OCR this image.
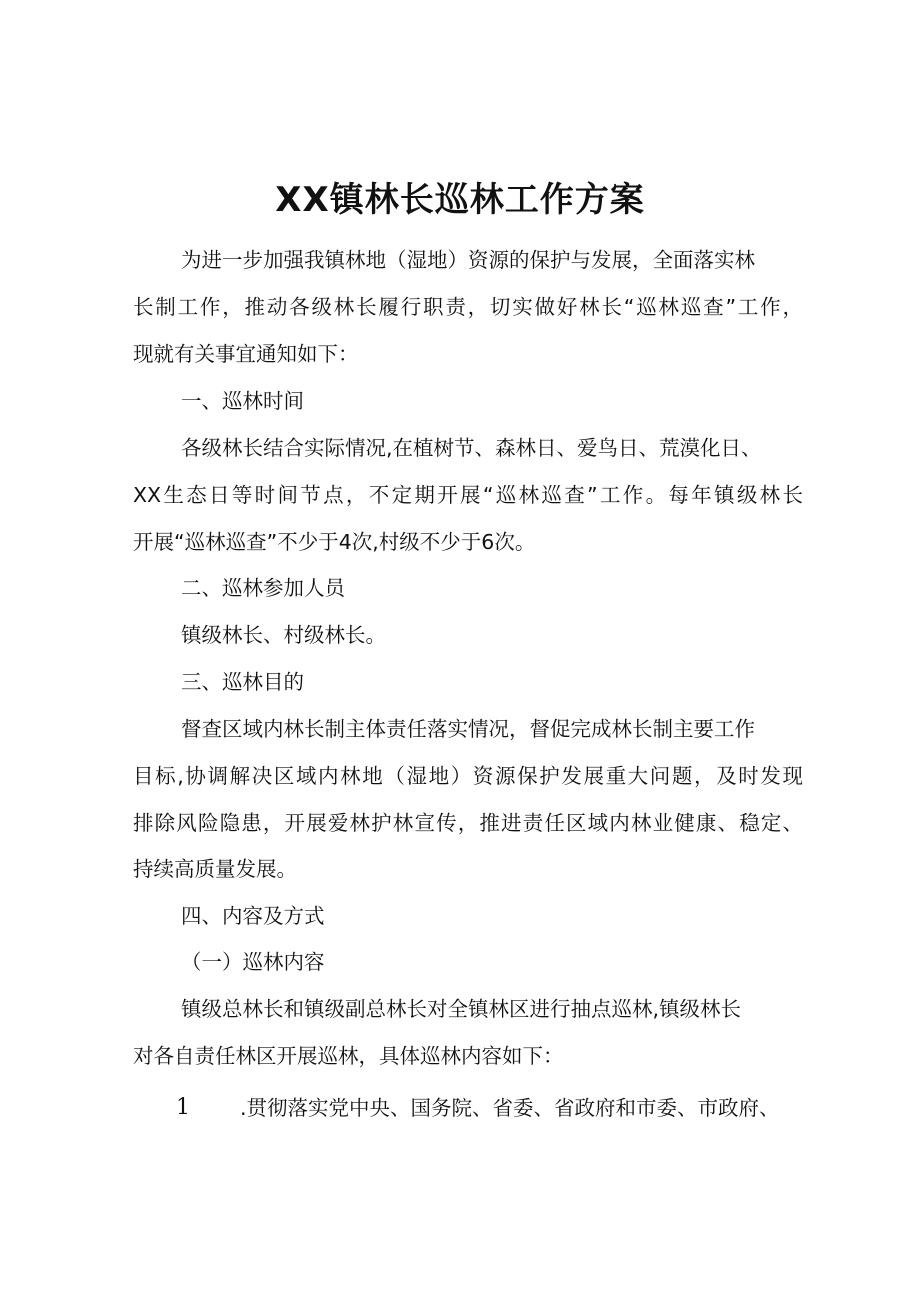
XX镇林长巡林工作方案
为进一步加强我镇林地（湿地）资源的保护与发展，全面落实林
长制工作，推动各级林长履行职责，切实做好林长“巡林巡查”工作，
现就有关事宜通知如下：
一、巡林时间
各级林长结合实际情况,在植树节、森林日、爱鸟日、荒漠化日、
XX生态日等时间节点，不定期开展“巡林巡查”工作。每年镇级林长
开展“巡林巡查”不少于4次,村级不少于6次。
二、巡林参加人员
镇级林长、村级林长。
三、巡林目的
督查区域内林长制主体责任落实情况，督促完成林长制主要工作
目标,协调解决区域内林地（湿地）资源保护发展重大问题，及时发现
排除风险隐患，开展爱林护林宣传，推进责任区域内林业健康、稳定、
持续高质量发展。
四、内容及方式
（一）巡林内容
镇级总林长和镇级副总林长对全镇林区进行抽点巡林,镇级林长
对各自责任林区开展巡林，具体巡林内容如下：
1 .贯彻落实党中央、国务院、省委、省政府和市委、市政府、
